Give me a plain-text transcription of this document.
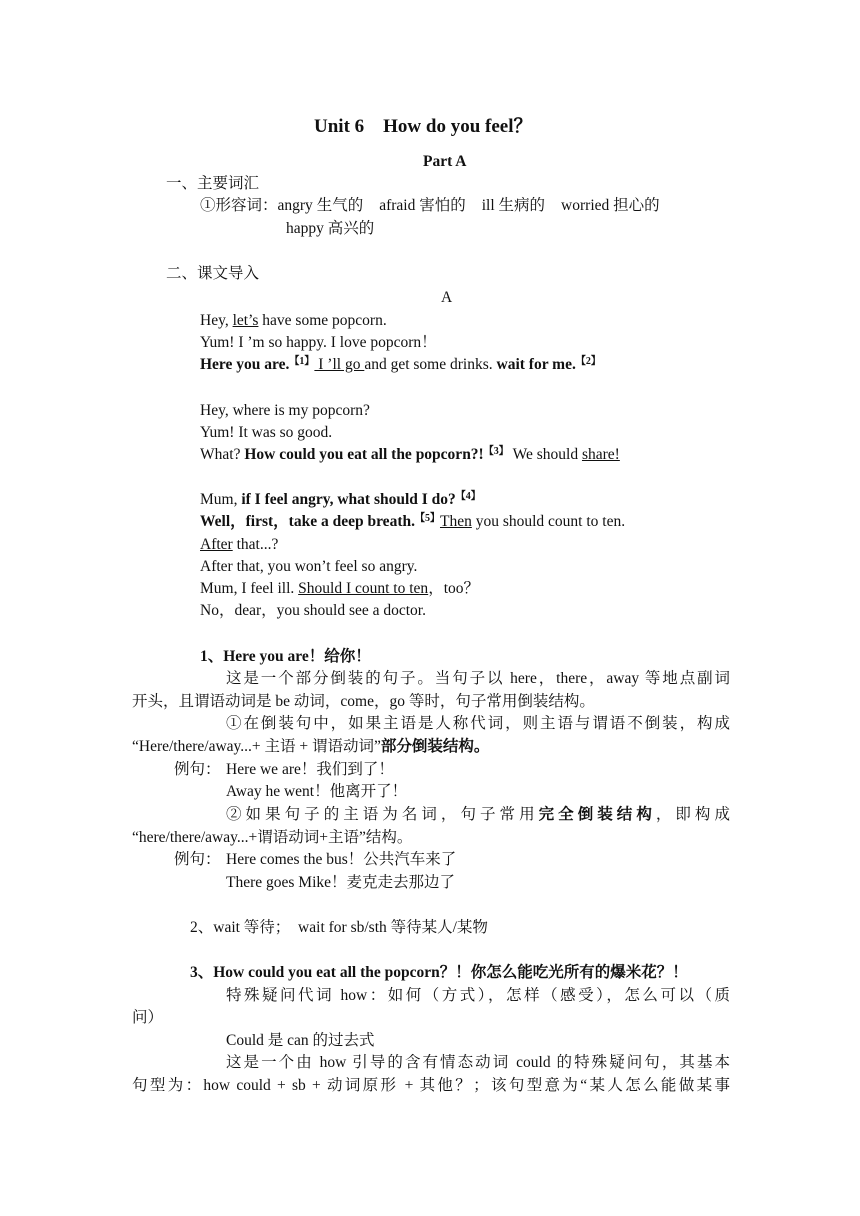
Unit 6　How do you feel？
Part A
一、主要词汇
①形容词：angry 生气的 afraid 害怕的 ill 生病的 worried 担心的
happy 高兴的
二、课文导入
A
Hey, let’s have some popcorn.
Yum! I ’m so happy. I love popcorn！
Here you are.$^{【1】}$ I ’ll go and get some drinks. wait for me.$^{【2】}$
Hey, where is my popcorn?
Yum! It was so good.
What? How could you eat all the popcorn?!$^{【3】}$ We should share!
Mum, if I feel angry, what should I do?$^{【4】}$
Well，first，take a deep breath.$^{【5】}$Then you should count to ten.
After that...?
After that, you won’t feel so angry.
Mum, I feel ill. Should I count to ten，too？
No，dear，you should see a doctor.
1、Here you are！给你！
这是一个部分倒装的句子。当句子以 here，there，away 等地点副词
开头，且谓语动词是 be 动词，come，go 等时，句子常用倒装结构。
①在倒装句中，如果主语是人称代词，则主语与谓语不倒装，构成
“Here/there/away...+ 主语 + 谓语动词”部分倒装结构。
例句： Here we are！我们到了！
Away he went！他离开了！
②如果句子的主语为名词，句子常用完全倒装结构，即构成
“here/there/away...+谓语动词+主语”结构。
例句： Here comes the bus！公共汽车来了
There goes Mike！麦克走去那边了
2、wait 等待；　wait for sb/sth 等待某人/某物
3、How could you eat all the popcorn？！你怎么能吃光所有的爆米花？！
特殊疑问代词 how：如何（方式），怎样（感受），怎么可以（质
问）
Could 是 can 的过去式
这是一个由 how 引导的含有情态动词 could 的特殊疑问句，其基本
句型为：how could + sb + 动词原形 + 其他？；该句型意为“某人怎么能做某事
